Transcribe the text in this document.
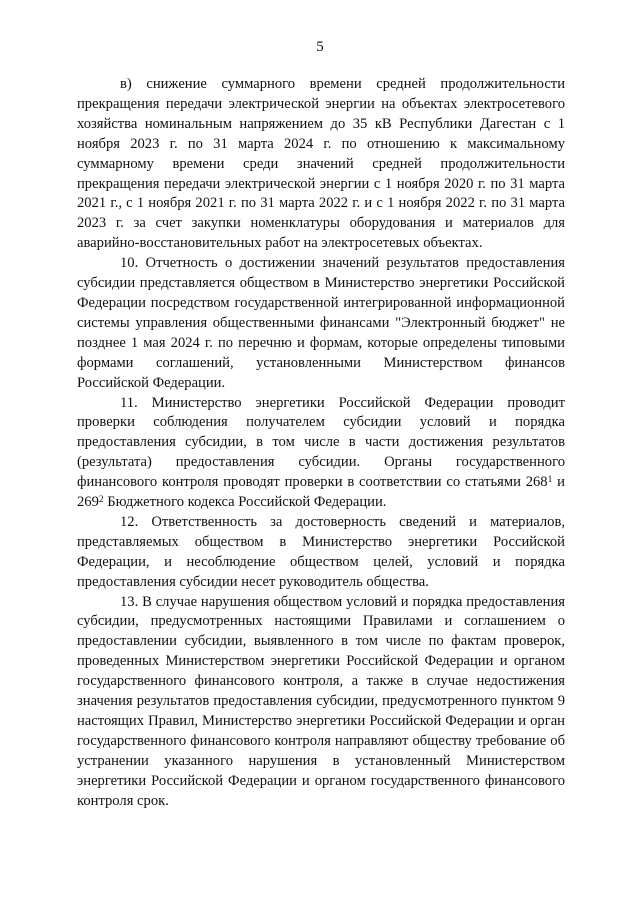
5

в) снижение суммарного времени средней продолжительности прекращения передачи электрической энергии на объектах электросетевого хозяйства номинальным напряжением до 35 кВ Республики Дагестан с 1 ноября 2023 г. по 31 марта 2024 г. по отношению к максимальному суммарному времени среди значений средней продолжительности прекращения передачи электрической энергии с 1 ноября 2020 г. по 31 марта 2021 г., с 1 ноября 2021 г. по 31 марта 2022 г. и с 1 ноября 2022 г. по 31 марта 2023 г. за счет закупки номенклатуры оборудования и материалов для аварийно-восстановительных работ на электросетевых объектах.

10. Отчетность о достижении значений результатов предоставления субсидии представляется обществом в Министерство энергетики Российской Федерации посредством государственной интегрированной информационной системы управления общественными финансами "Электронный бюджет" не позднее 1 мая 2024 г. по перечню и формам, которые определены типовыми формами соглашений, установленными Министерством финансов Российской Федерации.

11. Министерство энергетики Российской Федерации проводит проверки соблюдения получателем субсидии условий и порядка предоставления субсидии, в том числе в части достижения результатов (результата) предоставления субсидии. Органы государственного финансового контроля проводят проверки в соответствии со статьями $268^1$ и $269^2$ Бюджетного кодекса Российской Федерации.

12. Ответственность за достоверность сведений и материалов, представляемых обществом в Министерство энергетики Российской Федерации, и несоблюдение обществом целей, условий и порядка предоставления субсидии несет руководитель общества.

13. В случае нарушения обществом условий и порядка предоставления субсидии, предусмотренных настоящими Правилами и соглашением о предоставлении субсидии, выявленного в том числе по фактам проверок, проведенных Министерством энергетики Российской Федерации и органом государственного финансового контроля, а также в случае недостижения значения результатов предоставления субсидии, предусмотренного пунктом 9 настоящих Правил, Министерство энергетики Российской Федерации и орган государственного финансового контроля направляют обществу требование об устранении указанного нарушения в установленный Министерством энергетики Российской Федерации и органом государственного финансового контроля срок.
